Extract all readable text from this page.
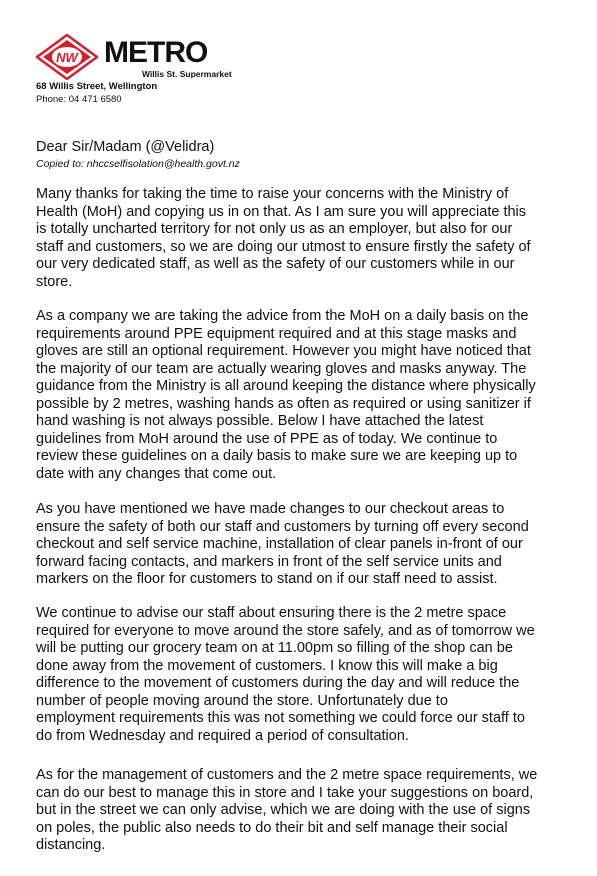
NW METRO
Willis St. Supermarket
68 Willis Street, Wellington
Phone: 04 471 6580
Dear Sir/Madam (@Velidra)
Copied to: nhccselfisolation@health.govt.nz
Many thanks for taking the time to raise your concerns with the Ministry of
Health (MoH) and copying us in on that. As I am sure you will appreciate this
is totally uncharted territory for not only us as an employer, but also for our
staff and customers, so we are doing our utmost to ensure firstly the safety of
our very dedicated staff, as well as the safety of our customers while in our
store.
As a company we are taking the advice from the MoH on a daily basis on the
requirements around PPE equipment required and at this stage masks and
gloves are still an optional requirement. However you might have noticed that
the majority of our team are actually wearing gloves and masks anyway. The
guidance from the Ministry is all around keeping the distance where physically
possible by 2 metres, washing hands as often as required or using sanitizer if
hand washing is not always possible. Below I have attached the latest
guidelines from MoH around the use of PPE as of today. We continue to
review these guidelines on a daily basis to make sure we are keeping up to
date with any changes that come out.
As you have mentioned we have made changes to our checkout areas to
ensure the safety of both our staff and customers by turning off every second
checkout and self service machine, installation of clear panels in-front of our
forward facing contacts, and markers in front of the self service units and
markers on the floor for customers to stand on if our staff need to assist.
We continue to advise our staff about ensuring there is the 2 metre space
required for everyone to move around the store safely, and as of tomorrow we
will be putting our grocery team on at 11.00pm so filling of the shop can be
done away from the movement of customers. I know this will make a big
difference to the movement of customers during the day and will reduce the
number of people moving around the store. Unfortunately due to
employment requirements this was not something we could force our staff to
do from Wednesday and required a period of consultation.
As for the management of customers and the 2 metre space requirements, we
can do our best to manage this in store and I take your suggestions on board,
but in the street we can only advise, which we are doing with the use of signs
on poles, the public also needs to do their bit and self manage their social
distancing.
